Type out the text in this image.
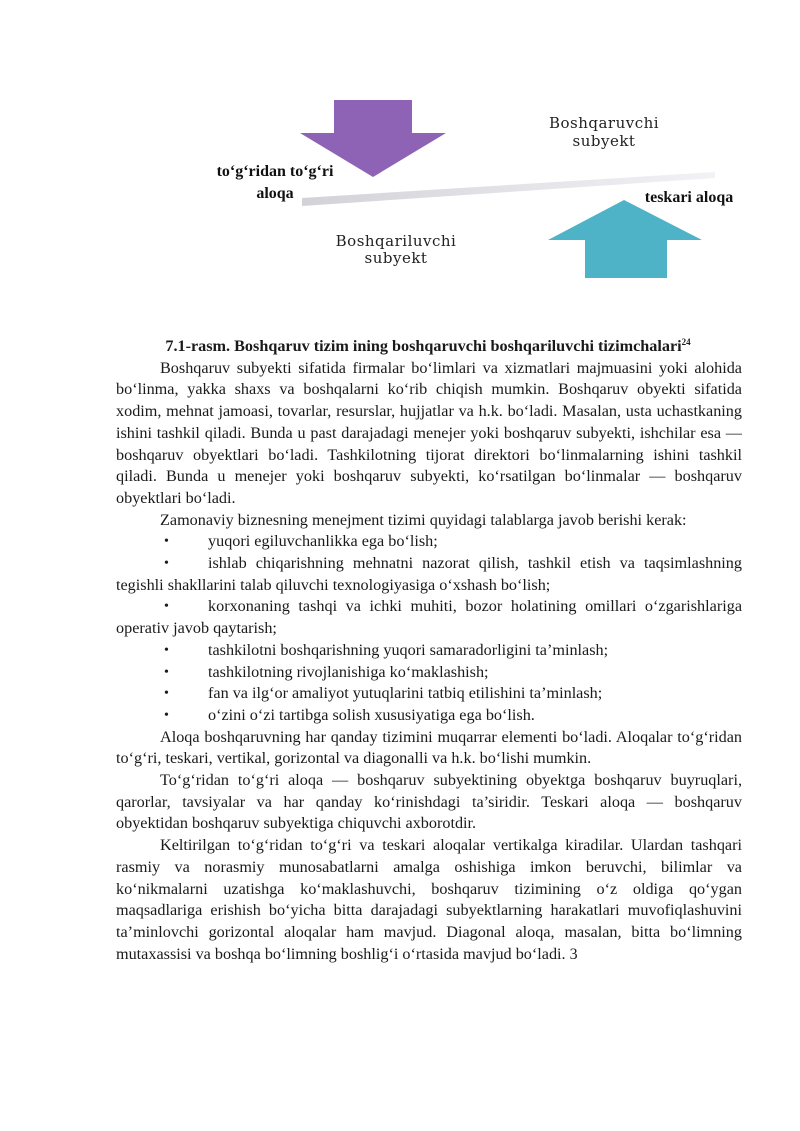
to‘g‘ridan to‘g‘ri
aloqa	teskari aloqa
Boshqaruvchi
subyekt
Boshqariluvchi
subyekt

7.1-rasm. Boshqaruv tizim ining boshqaruvchi boshqariluvchi tizimchalari$^{24}$

Boshqaruv subyekti sifatida firmalar bo‘limlari va xizmatlari majmuasini yoki alohida bo‘linma, yakka shaxs va boshqalarni ko‘rib chiqish mumkin. Boshqaruv obyekti sifatida xodim, mehnat jamoasi, tovarlar, resurslar, hujjatlar va h.k. bo‘ladi. Masalan, usta uchastkaning ishini tashkil qiladi. Bunda u past darajadagi menejer yoki boshqaruv subyekti, ishchilar esa — boshqaruv obyektlari bo‘ladi. Tashkilotning tijorat direktori bo‘linmalarning ishini tashkil qiladi. Bunda u menejer yoki boshqaruv subyekti, ko‘rsatilgan bo‘linmalar — boshqaruv obyektlari bo‘ladi.

Zamonaviy biznesning menejment tizimi quyidagi talablarga javob berishi kerak:

• yuqori egiluvchanlikka ega bo‘lish;

• ishlab chiqarishning mehnatni nazorat qilish, tashkil etish va taqsimlashning tegishli shakllarini talab qiluvchi texnologiyasiga o‘xshash bo‘lish;

• korxonaning tashqi va ichki muhiti, bozor holatining omillari o‘zgarishlariga operativ javob qaytarish;

• tashkilotni boshqarishning yuqori samaradorligini ta’minlash;

• tashkilotning rivojlanishiga ko‘maklashish;

• fan va ilg‘or amaliyot yutuqlarini tatbiq etilishini ta’minlash;

• o‘zini o‘zi tartibga solish xususiyatiga ega bo‘lish.

Aloqa boshqaruvning har qanday tizimini muqarrar elementi bo‘ladi. Aloqalar to‘g‘ridan to‘g‘ri, teskari, vertikal, gorizontal va diagonalli va h.k. bo‘lishi mumkin.

To‘g‘ridan to‘g‘ri aloqa — boshqaruv subyektining obyektga boshqaruv buyruqlari, qarorlar, tavsiyalar va har qanday ko‘rinishdagi ta’siridir. Teskari aloqa — boshqaruv obyektidan boshqaruv subyektiga chiquvchi axborotdir.

Keltirilgan to‘g‘ridan to‘g‘ri va teskari aloqalar vertikalga kiradilar. Ulardan tashqari rasmiy va norasmiy munosabatlarni amalga oshishiga imkon beruvchi, bilimlar va ko‘nikmalarni uzatishga ko‘maklashuvchi, boshqaruv tizimining o‘z oldiga qo‘ygan maqsadlariga erishish bo‘yicha bitta darajadagi subyektlarning harakatlari muvofiqlashuvini ta’minlovchi gorizontal aloqalar ham mavjud. Diagonal aloqa, masalan, bitta bo‘limning mutaxassisi va boshqa bo‘limning boshlig‘i o‘rtasida mavjud bo‘ladi. 3
